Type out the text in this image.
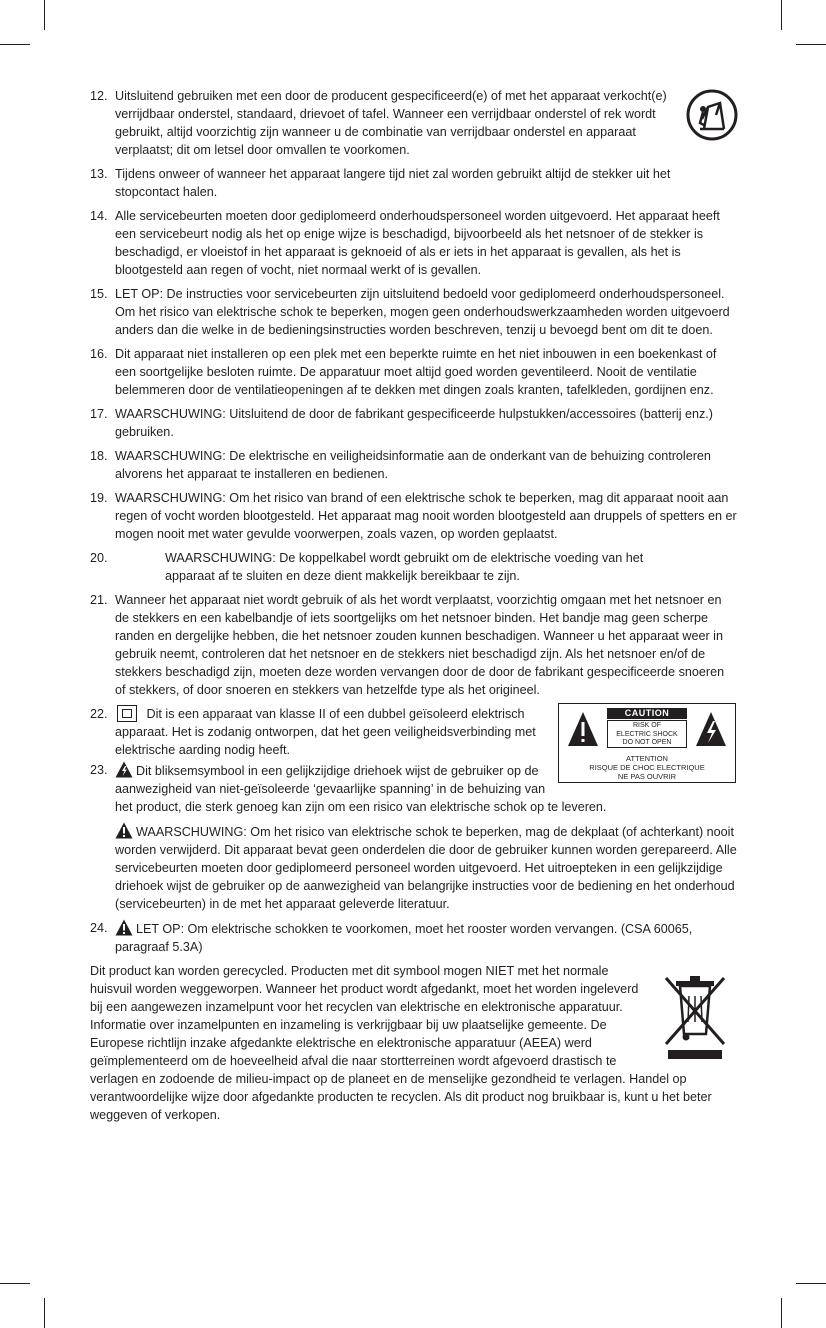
12. Uitsluitend gebruiken met een door de producent gespecificeerd(e) of met het apparaat verkocht(e) verrijdbaar onderstel, standaard, drievoet of tafel. Wanneer een verrijdbaar onderstel of rek wordt gebruikt, altijd voorzichtig zijn wanneer u de combinatie van verrijdbaar onderstel en apparaat verplaatst; dit om letsel door omvallen te voorkomen.
13. Tijdens onweer of wanneer het apparaat langere tijd niet zal worden gebruikt altijd de stekker uit het stopcontact halen.
14. Alle servicebeurten moeten door gediplomeerd onderhoudspersoneel worden uitgevoerd. Het apparaat heeft een servicebeurt nodig als het op enige wijze is beschadigd, bijvoorbeeld als het netsnoer of de stekker is beschadigd, er vloeistof in het apparaat is geknoeid of als er iets in het apparaat is gevallen, als het is blootgesteld aan regen of vocht, niet normaal werkt of is gevallen.
15. LET OP: De instructies voor servicebeurten zijn uitsluitend bedoeld voor gediplomeerd onderhoudspersoneel. Om het risico van elektrische schok te beperken, mogen geen onderhoudswerkzaamheden worden uitgevoerd anders dan die welke in de bedieningsinstructies worden beschreven, tenzij u bevoegd bent om dit te doen.
16. Dit apparaat niet installeren op een plek met een beperkte ruimte en het niet inbouwen in een boekenkast of een soortgelijke besloten ruimte. De apparatuur moet altijd goed worden geventileerd. Nooit de ventilatie belemmeren door de ventilatieopeningen af te dekken met dingen zoals kranten, tafelkleden, gordijnen enz.
17. WAARSCHUWING: Uitsluitend de door de fabrikant gespecificeerde hulpstukken/accessoires (batterij enz.) gebruiken.
18. WAARSCHUWING: De elektrische en veiligheidsinformatie aan de onderkant van de behuizing controleren alvorens het apparaat te installeren en bedienen.
19. WAARSCHUWING: Om het risico van brand of een elektrische schok te beperken, mag dit apparaat nooit aan regen of vocht worden blootgesteld. Het apparaat mag nooit worden blootgesteld aan druppels of spetters en er mogen nooit met water gevulde voorwerpen, zoals vazen, op worden geplaatst.
20.	WAARSCHUWING: De koppelkabel wordt gebruikt om de elektrische voeding van het
apparaat af te sluiten en deze dient makkelijk bereikbaar te zijn.
21. Wanneer het apparaat niet wordt gebruik of als het wordt verplaatst, voorzichtig omgaan met het netsnoer en de stekkers en een kabelbandje of iets soortgelijks om het netsnoer binden. Het bandje mag geen scherpe randen en dergelijke hebben, die het netsnoer zouden kunnen beschadigen. Wanneer u het apparaat weer in gebruik neemt, controleren dat het netsnoer en de stekkers niet beschadigd zijn. Als het netsnoer en/of de stekkers beschadigd zijn, moeten deze worden vervangen door de door de fabrikant gespecificeerde snoeren of stekkers, of door snoeren en stekkers van hetzelfde type als het origineel.
CAUTION
RISK OF
ELECTRIC SHOCK
DO NOT OPEN
ATTENTION
RISQUE DE CHOC ELECTRIQUE
NE PAS OUVRIR
22.	Dit is een apparaat van klasse II of een dubbel geïsoleerd elektrisch apparaat. Het is zodanig ontworpen, dat het geen veiligheidsverbinding met elektrische aarding nodig heeft.
23.	Dit bliksemsymbool in een gelijkzijdige driehoek wijst de gebruiker op de aanwezigheid van niet-geïsoleerde ‘gevaarlijke spanning’ in de behuizing van het product, die sterk genoeg kan zijn om een risico van elektrische schok op te leveren.
WAARSCHUWING: Om het risico van elektrische schok te beperken, mag de dekplaat (of achterkant) nooit worden verwijderd. Dit apparaat bevat geen onderdelen die door de gebruiker kunnen worden gerepareerd. Alle servicebeurten moeten door gediplomeerd personeel worden uitgevoerd. Het uitroepteken in een gelijkzijdige driehoek wijst de gebruiker op de aanwezigheid van belangrijke instructies voor de bediening en het onderhoud (servicebeurten) in de met het apparaat geleverde literatuur.
24.	LET OP: Om elektrische schokken te voorkomen, moet het rooster worden vervangen. (CSA 60065, paragraaf 5.3A)
Dit product kan worden gerecycled. Producten met dit symbool mogen NIET met het normale huisvuil worden weggeworpen. Wanneer het product wordt afgedankt, moet het worden ingeleverd bij een aangewezen inzamelpunt voor het recyclen van elektrische en elektronische apparatuur. Informatie over inzamelpunten en inzameling is verkrijgbaar bij uw plaatselijke gemeente. De Europese richtlijn inzake afgedankte elektrische en elektronische apparatuur (AEEA) werd geïmplementeerd om de hoeveelheid afval die naar stortterreinen wordt afgevoerd drastisch te verlagen en zodoende de milieu-impact op de planeet en de menselijke gezondheid te verlagen. Handel op verantwoordelijke wijze door afgedankte producten te recyclen. Als dit product nog bruikbaar is, kunt u het beter weggeven of verkopen.
